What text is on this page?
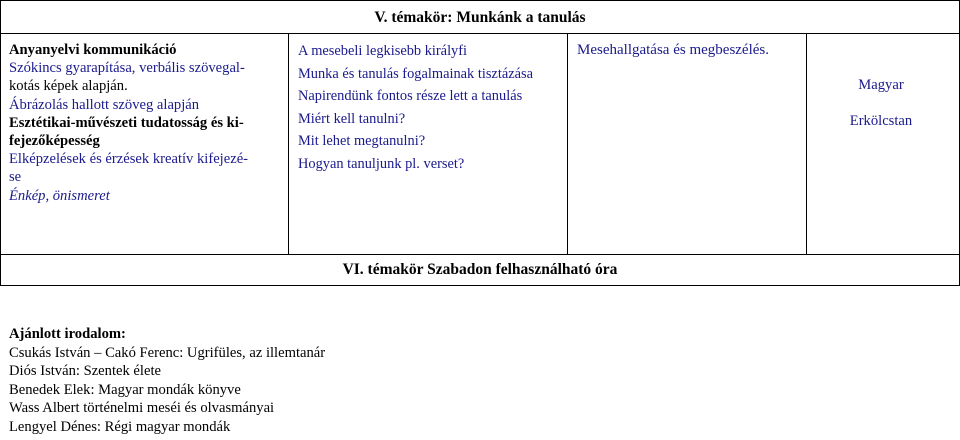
V. témakör: Munkánk a tanulás
Anyanyelvi kommunikáció
Szókincs gyarapítása, verbális szövegal-
kotás képek alapján.
Ábrázolás hallott szöveg alapján
Esztétikai-művészeti tudatosság és ki-
fejezőképesség
Elképzelések és érzések kreatív kifejezé-
se
Énkép, önismeret
A mesebeli legkisebb királyfi
Munka és tanulás fogalmainak tisztázása
Napirendünk fontos része lett a tanulás
Miért kell tanulni?
Mit lehet megtanulni?
Hogyan tanuljunk pl. verset?
Mesehallgatása és megbeszélés.
Magyar
Erkölcstan
VI. témakör Szabadon felhasználható óra
Ajánlott irodalom:
Csukás István – Cakó Ferenc: Ugrifüles, az illemtanár
Diós István: Szentek élete
Benedek Elek: Magyar mondák könyve
Wass Albert történelmi meséi és olvasmányai
Lengyel Dénes: Régi magyar mondák
